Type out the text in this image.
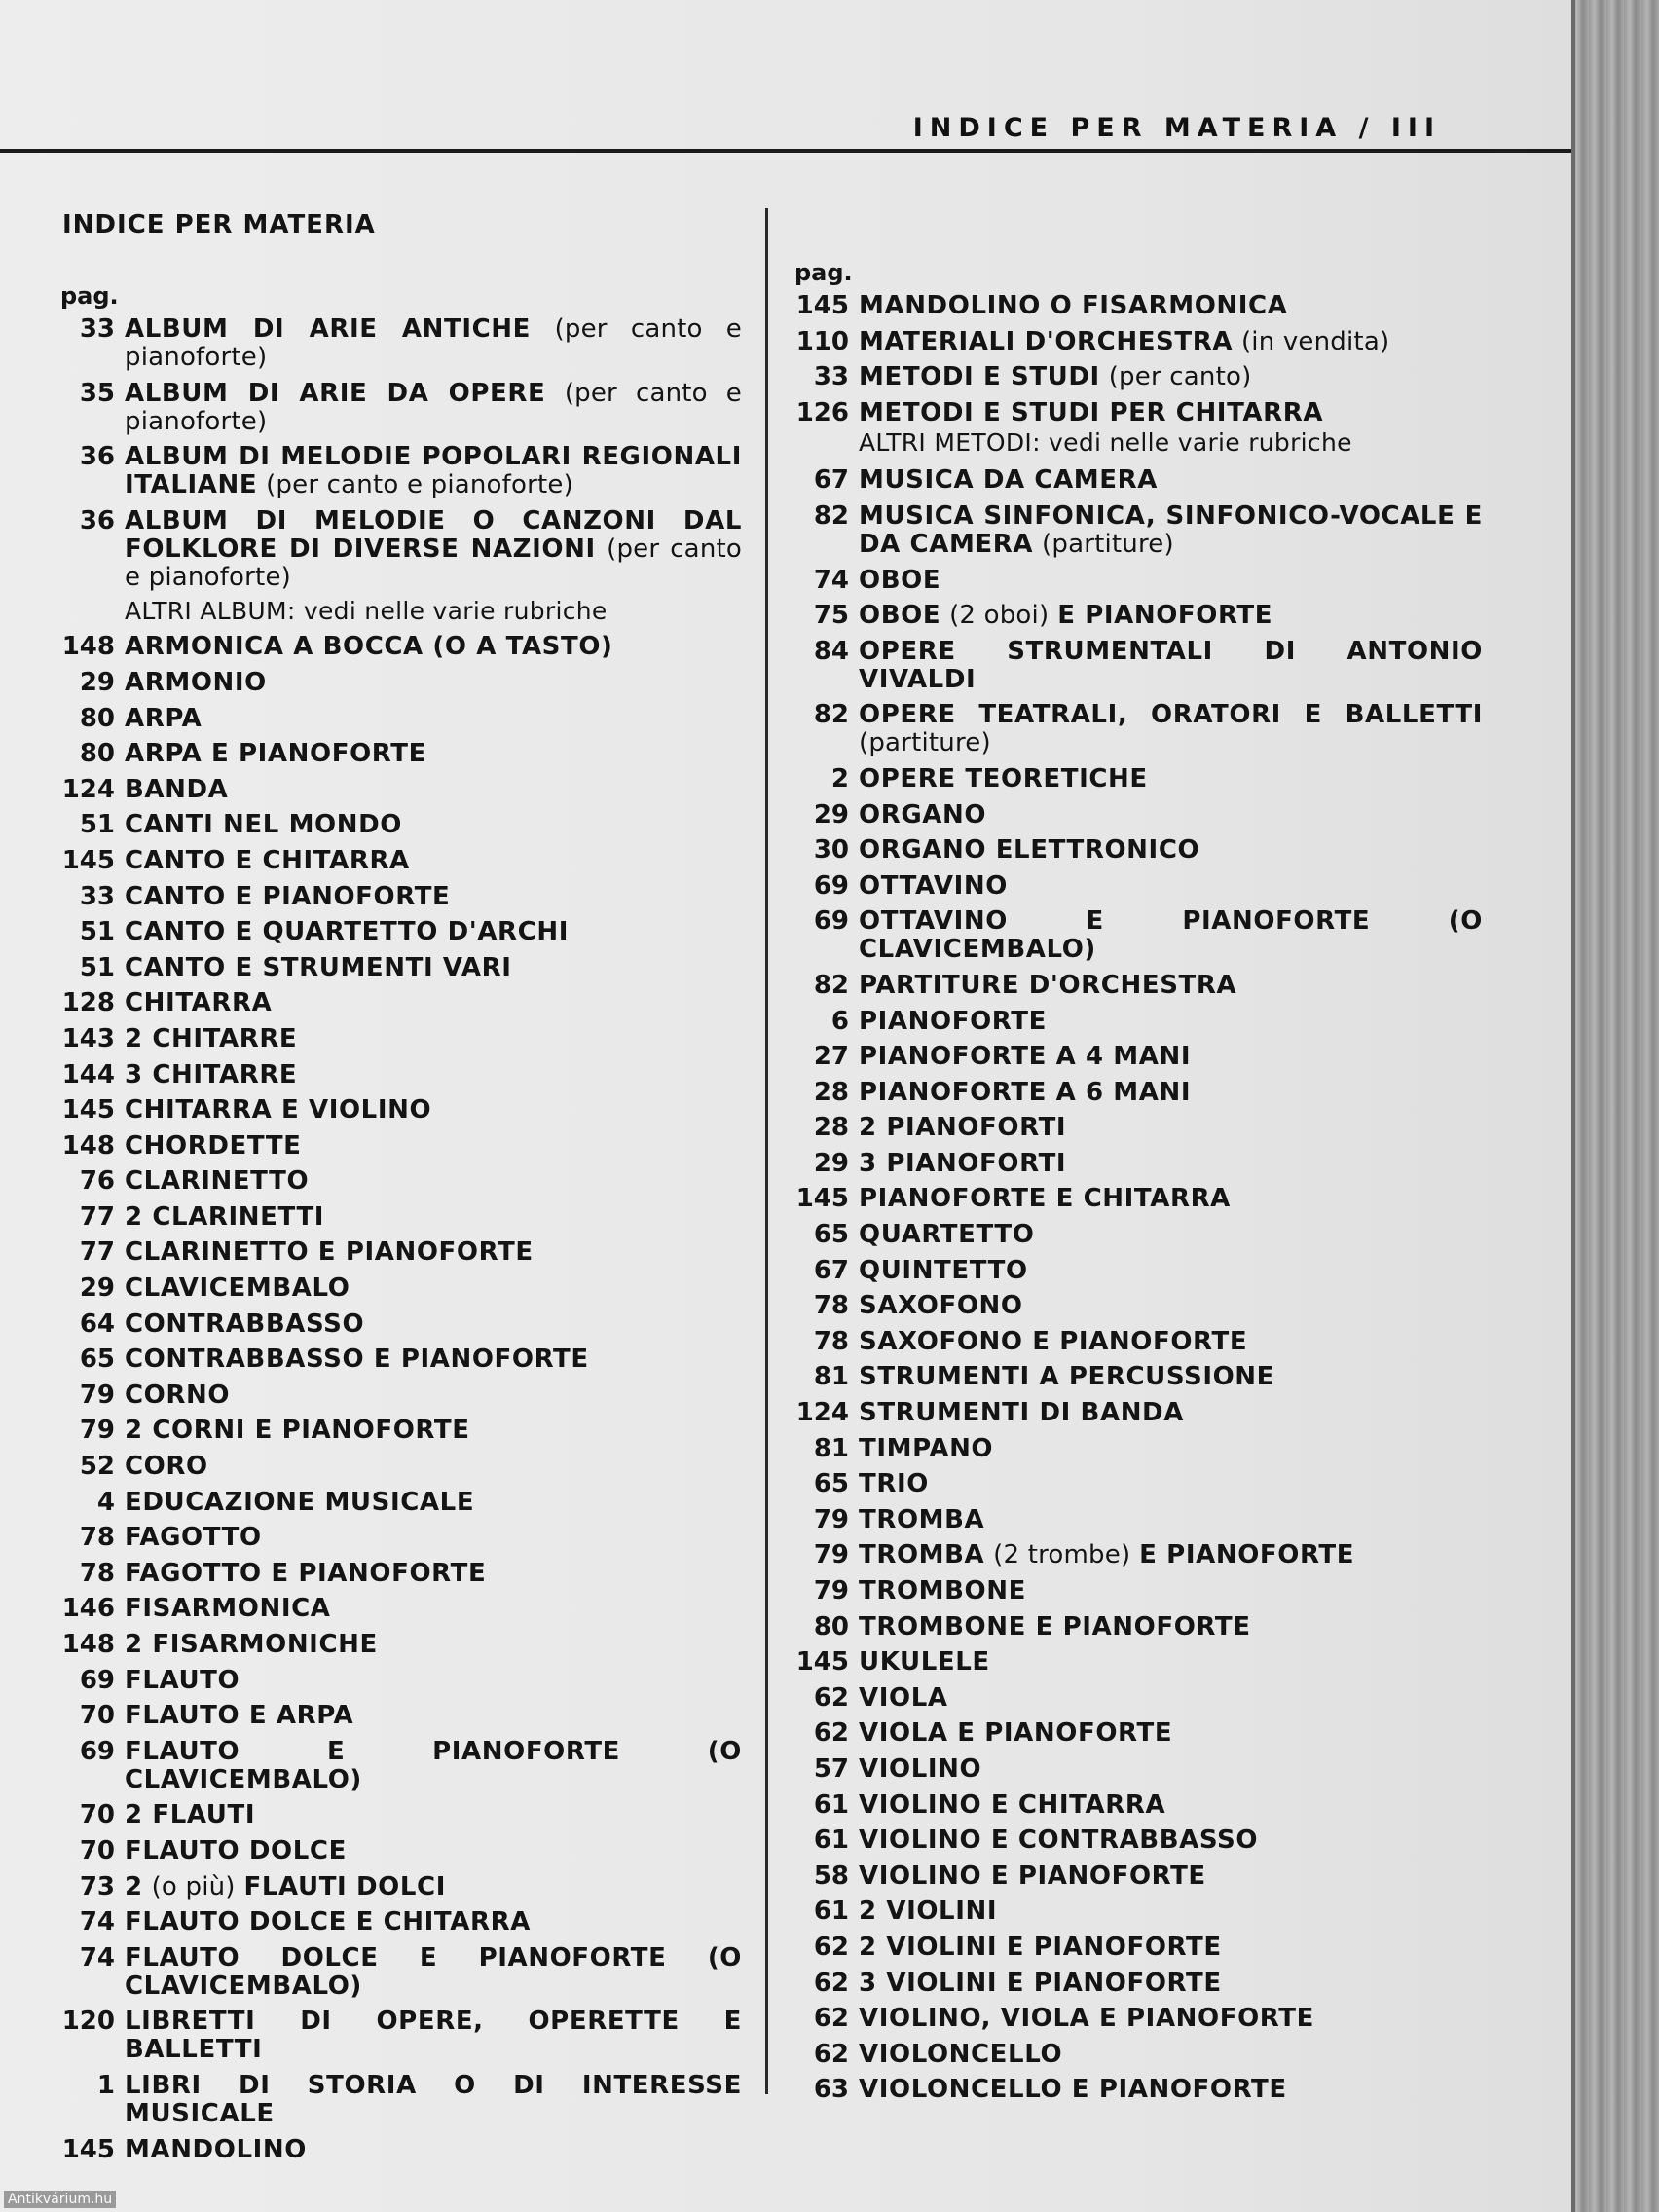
INDICE PER MATERIA / III
INDICE PER MATERIA
pag.
33 ALBUM DI ARIE ANTICHE (per canto e pianoforte)
35 ALBUM DI ARIE DA OPERE (per canto e pianoforte)
36 ALBUM DI MELODIE POPOLARI REGIONALI ITALIANE (per canto e pianoforte)
36 ALBUM DI MELODIE O CANZONI DAL FOLKLORE DI DIVERSE NAZIONI (per canto e pianoforte)
ALTRI ALBUM: vedi nelle varie rubriche
148 ARMONICA A BOCCA (O A TASTO)
29 ARMONIO
80 ARPA
80 ARPA E PIANOFORTE
124 BANDA
51 CANTI NEL MONDO
145 CANTO E CHITARRA
33 CANTO E PIANOFORTE
51 CANTO E QUARTETTO D'ARCHI
51 CANTO E STRUMENTI VARI
128 CHITARRA
143 2 CHITARRE
144 3 CHITARRE
145 CHITARRA E VIOLINO
148 CHORDETTE
76 CLARINETTO
77 2 CLARINETTI
77 CLARINETTO E PIANOFORTE
29 CLAVICEMBALO
64 CONTRABBASSO
65 CONTRABBASSO E PIANOFORTE
79 CORNO
79 2 CORNI E PIANOFORTE
52 CORO
4 EDUCAZIONE MUSICALE
78 FAGOTTO
78 FAGOTTO E PIANOFORTE
146 FISARMONICA
148 2 FISARMONICHE
69 FLAUTO
70 FLAUTO E ARPA
69 FLAUTO E PIANOFORTE (O CLAVICEMBALO)
70 2 FLAUTI
70 FLAUTO DOLCE
73 2 (o più) FLAUTI DOLCI
74 FLAUTO DOLCE E CHITARRA
74 FLAUTO DOLCE E PIANOFORTE (O CLAVICEMBALO)
120 LIBRETTI DI OPERE, OPERETTE E BALLETTI
1 LIBRI DI STORIA O DI INTERESSE MUSICALE
145 MANDOLINO
pag.
145 MANDOLINO O FISARMONICA
110 MATERIALI D'ORCHESTRA (in vendita)
33 METODI E STUDI (per canto)
126 METODI E STUDI PER CHITARRA
ALTRI METODI: vedi nelle varie rubriche
67 MUSICA DA CAMERA
82 MUSICA SINFONICA, SINFONICO-VOCALE E DA CAMERA (partiture)
74 OBOE
75 OBOE (2 oboi) E PIANOFORTE
84 OPERE STRUMENTALI DI ANTONIO VIVALDI
82 OPERE TEATRALI, ORATORI E BALLETTI (partiture)
2 OPERE TEORETICHE
29 ORGANO
30 ORGANO ELETTRONICO
69 OTTAVINO
69 OTTAVINO E PIANOFORTE (O CLAVICEMBALO)
82 PARTITURE D'ORCHESTRA
6 PIANOFORTE
27 PIANOFORTE A 4 MANI
28 PIANOFORTE A 6 MANI
28 2 PIANOFORTI
29 3 PIANOFORTI
145 PIANOFORTE E CHITARRA
65 QUARTETTO
67 QUINTETTO
78 SAXOFONO
78 SAXOFONO E PIANOFORTE
81 STRUMENTI A PERCUSSIONE
124 STRUMENTI DI BANDA
81 TIMPANO
65 TRIO
79 TROMBA
79 TROMBA (2 trombe) E PIANOFORTE
79 TROMBONE
80 TROMBONE E PIANOFORTE
145 UKULELE
62 VIOLA
62 VIOLA E PIANOFORTE
57 VIOLINO
61 VIOLINO E CHITARRA
61 VIOLINO E CONTRABBASSO
58 VIOLINO E PIANOFORTE
61 2 VIOLINI
62 2 VIOLINI E PIANOFORTE
62 3 VIOLINI E PIANOFORTE
62 VIOLINO, VIOLA E PIANOFORTE
62 VIOLONCELLO
63 VIOLONCELLO E PIANOFORTE
Antikvárium.hu
